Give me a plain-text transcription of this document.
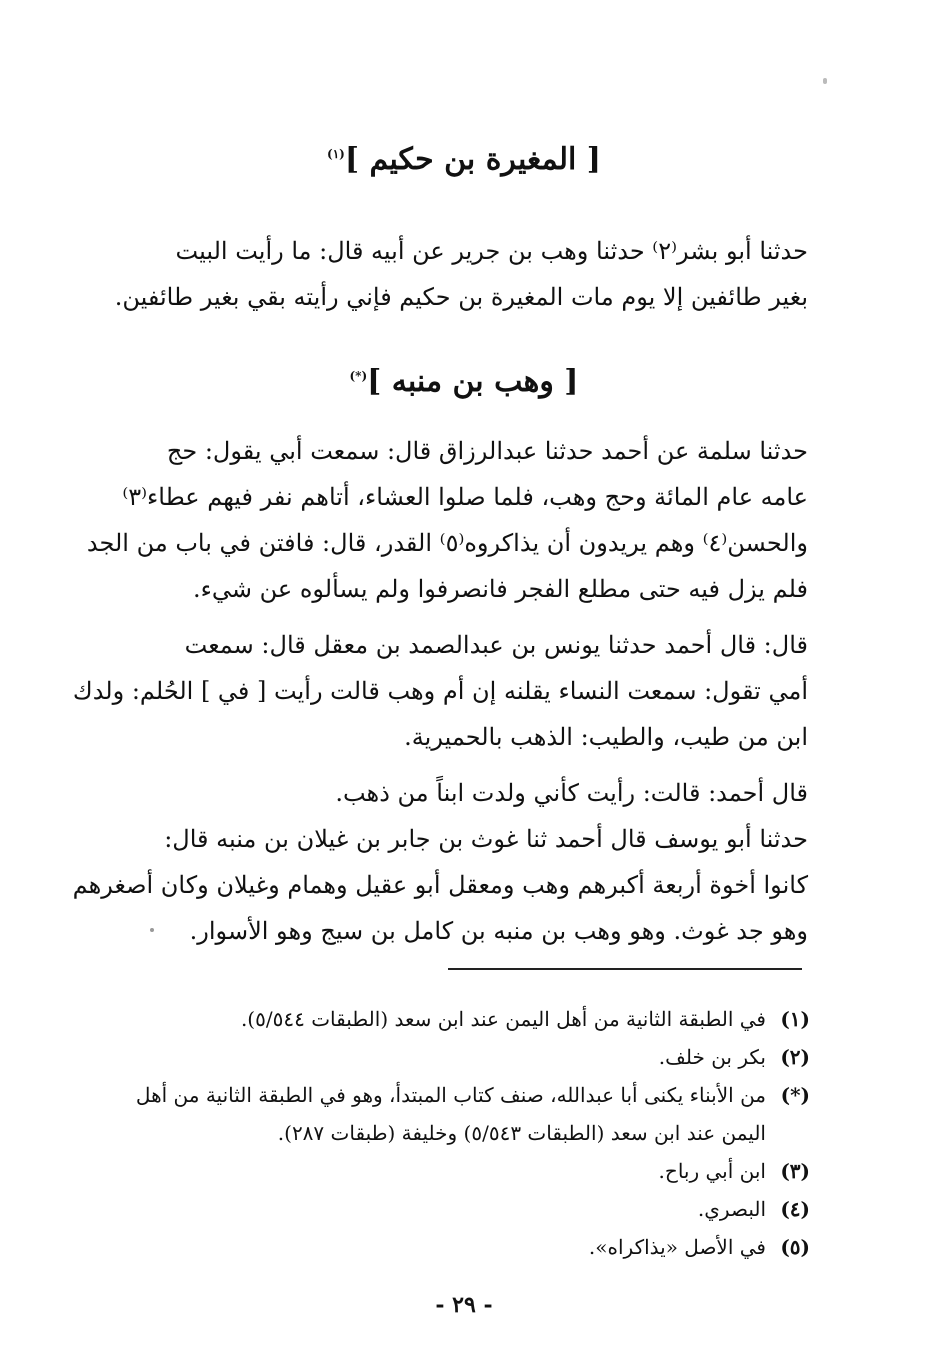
[ المغيرة بن حكيم ]$^{(١)}$
حدثنا أبو بشر⁽٢⁾ حدثنا وهب بن جرير عن أبيه قال: ما رأيت البيت
بغير طائفين إلا يوم مات المغيرة بن حكيم فإني رأيته بقي بغير طائفين.
[ وهب بن منبه ](*)
حدثنا سلمة عن أحمد حدثنا عبدالرزاق قال: سمعت أبي يقول: حج
عامه عام المائة وحج وهب، فلما صلوا العشاء، أتاهم نفر فيهم عطاء⁽٣⁾
والحسن⁽٤⁾ وهم يريدون أن يذاكروه⁽٥⁾ القدر، قال: فافتن في باب من الجد
فلم يزل فيه حتى مطلع الفجر فانصرفوا ولم يسألوه عن شيء.
قال: قال أحمد حدثنا يونس بن عبدالصمد بن معقل قال: سمعت
أمي تقول: سمعت النساء يقلنه إن أم وهب قالت رأيت [ في ] الحُلم: ولدك
ابن من طيب، والطيب: الذهب بالحميرية.
قال أحمد: قالت: رأيت كأني ولدت ابناً من ذهب.
حدثنا أبو يوسف قال أحمد ثنا غوث بن جابر بن غيلان بن منبه قال:
كانوا أخوة أربعة أكبرهم وهب ومعقل أبو عقيل وهمام وغيلان وكان أصغرهم
وهو جد غوث. وهو وهب بن منبه بن كامل بن سيج وهو الأسوار.
(١)
في الطبقة الثانية من أهل اليمن عند ابن سعد (الطبقات ٥/٥٤٤).
(٢)
بكر بن خلف.
(*)
من الأبناء يكنى أبا عبدالله، صنف كتاب المبتدأ، وهو في الطبقة الثانية من أهل
اليمن عند ابن سعد (الطبقات ٥/٥٤٣) وخليفة (طبقات ٢٨٧).
(٣)
ابن أبي رباح.
(٤)
البصري.
(٥)
في الأصل «يذاكراه».
- ٢٩ -
